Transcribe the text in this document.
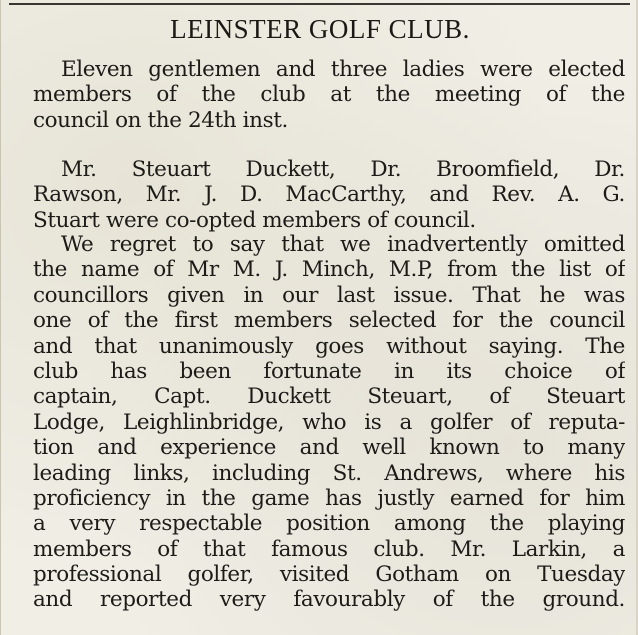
LEINSTER GOLF CLUB.
Eleven gentlemen and three ladies were elected
members of the club at the meeting of the
council on the 24th inst.
Mr. Steuart Duckett, Dr. Broomfield, Dr.
Rawson, Mr. J. D. MacCarthy, and Rev. A. G.
Stuart were co-opted members of council.
We regret to say that we inadvertently omitted
the name of Mr M. J. Minch, M.P, from the list of
councillors given in our last issue. That he was
one of the first members selected for the council
and that unanimously goes without saying. The
club has been fortunate in its choice of
captain, Capt. Duckett Steuart, of Steuart
Lodge, Leighlinbridge, who is a golfer of reputa-
tion and experience and well known to many
leading links, including St. Andrews, where his
proficiency in the game has justly earned for him
a very respectable position among the playing
members of that famous club. Mr. Larkin, a
professional golfer, visited Gotham on Tuesday
and reported very favourably of the ground.
